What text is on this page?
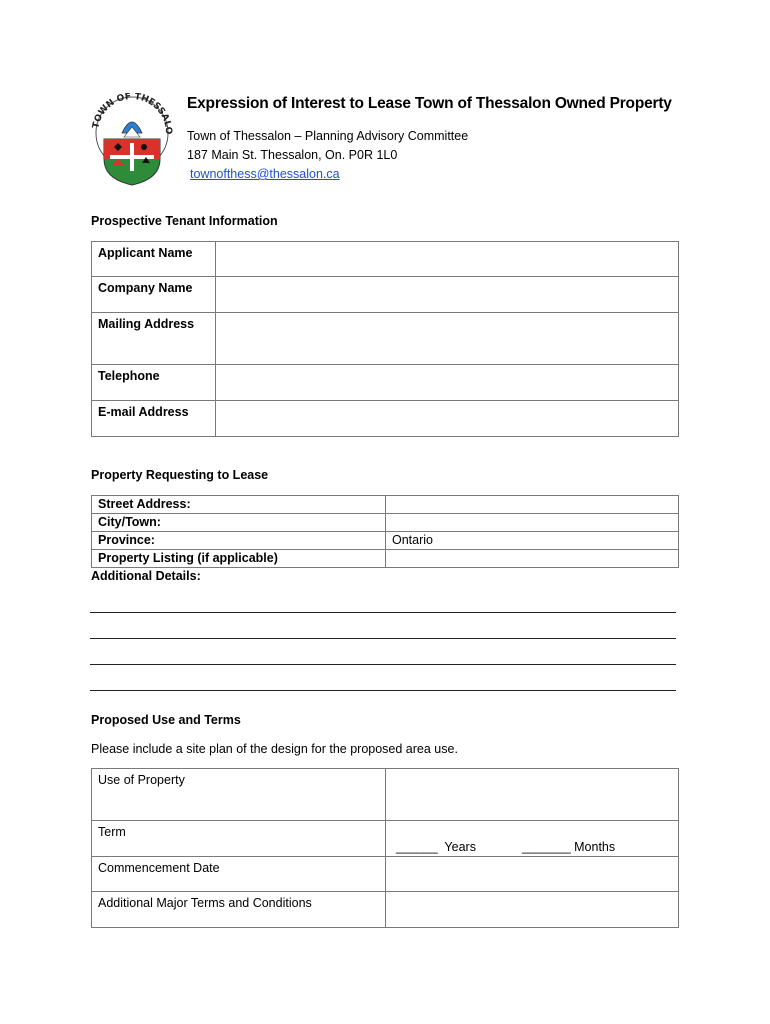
TOWN OF THESSALO
Expression of Interest to Lease Town of Thessalon Owned Property
Town of Thessalon – Planning Advisory Committee
187 Main St. Thessalon, On. P0R 1L0
townofthess@thessalon.ca
Prospective Tenant Information
Applicant Name	
Company Name	
Mailing Address	
Telephone	
E-mail Address	
Property Requesting to Lease
Street Address:	
City/Town:	
Province:	Ontario
Property Listing (if applicable)	
Additional Details:
Proposed Use and Terms
Please include a site plan of the design for the proposed area use.
Use of Property	
Term	______  Years _______ Months

Commencement Date	
Additional Major Terms and Conditions	
